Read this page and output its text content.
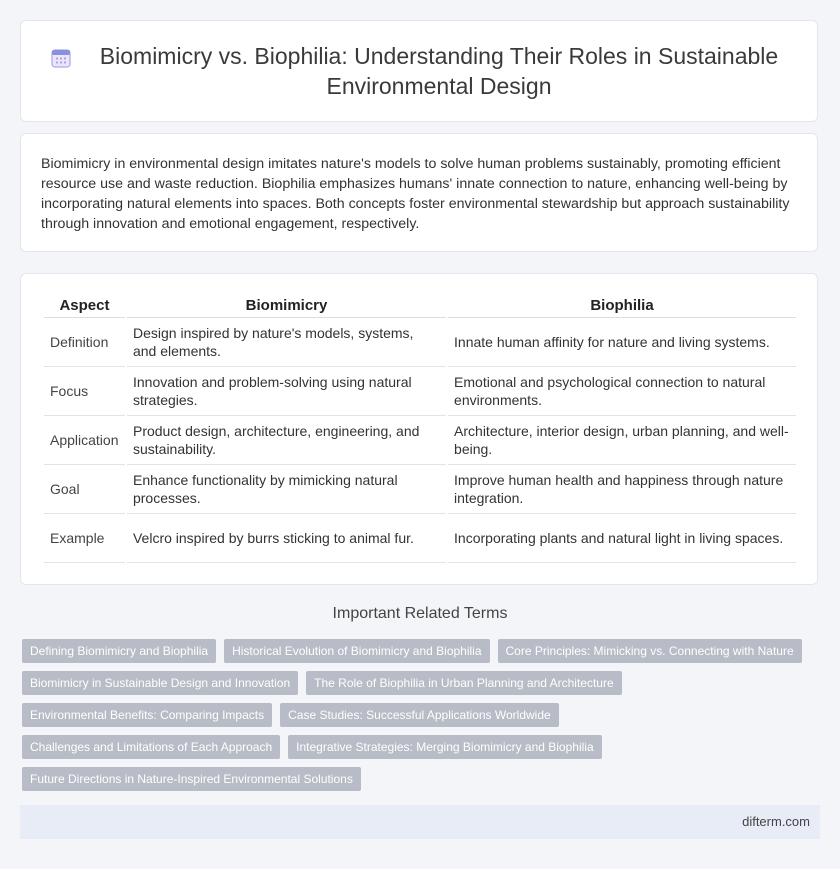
Biomimicry vs. Biophilia: Understanding Their Roles in Sustainable Environmental Design

Biomimicry in environmental design imitates nature's models to solve human problems sustainably, promoting efficient resource use and waste reduction. Biophilia emphasizes humans' innate connection to nature, enhancing well-being by incorporating natural elements into spaces. Both concepts foster environmental stewardship but approach sustainability through innovation and emotional engagement, respectively.

Aspect	Biomimicry	Biophilia
Definition	Design inspired by nature's models, systems, and elements.	Innate human affinity for nature and living systems.
Focus	Innovation and problem-solving using natural strategies.	Emotional and psychological connection to natural environments.
Application	Product design, architecture, engineering, and sustainability.	Architecture, interior design, urban planning, and well-being.
Goal	Enhance functionality by mimicking natural processes.	Improve human health and happiness through nature integration.
Example	Velcro inspired by burrs sticking to animal fur.	Incorporating plants and natural light in living spaces.
Important Related Terms
Defining Biomimicry and Biophilia	Historical Evolution of Biomimicry and Biophilia	Core Principles: Mimicking vs. Connecting with Nature
Biomimicry in Sustainable Design and Innovation	The Role of Biophilia in Urban Planning and Architecture
Environmental Benefits: Comparing Impacts	Case Studies: Successful Applications Worldwide
Challenges and Limitations of Each Approach	Integrative Strategies: Merging Biomimicry and Biophilia
Future Directions in Nature-Inspired Environmental Solutions
difterm.com
